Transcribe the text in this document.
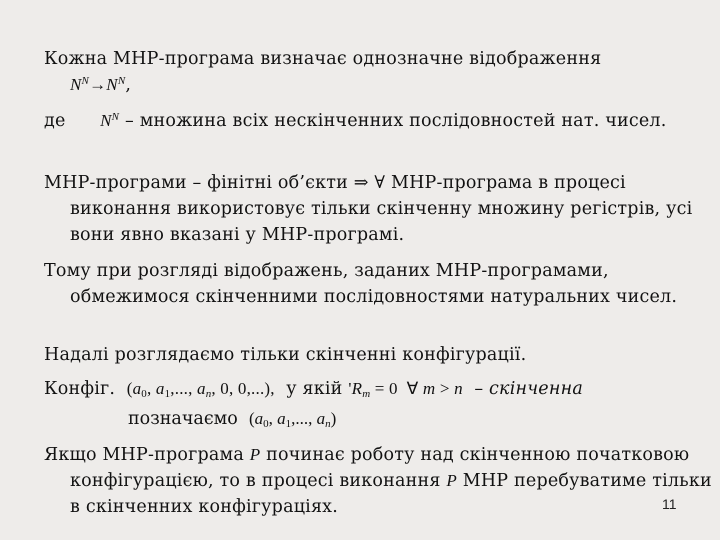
Кожна МНР-програма визначає однозначне відображення
$N^N\to N^N$,
де $N^N$ – множина всіх нескінченних послідовностей нат. чисел.
МНР-програми – фінітні об’єкти ⇒ ∀ МНР-програма в процесі виконання використовує тільки скінченну множину регістрів, усі вони явно вказані у МНР-програмі.
Тому при розгляді відображень, заданих МНР-програмами, обмежимося скінченними послідовностями натуральних чисел.
Надалі розглядаємо тільки скінченні конфігурації.
Конфіг. ($a_0$, $a_1$,..., $a_n$, 0, 0,...), у якій '$R_m = 0$  ∀ m > n – скінченна
позначаємо ($a_0$, $a_1$,..., $a_n$)
Якщо МНР-програма P починає роботу над скінченною початковою конфігурацією, то в процесі виконання P МНР перебуватиме тільки в скінченних конфігураціях.	11
